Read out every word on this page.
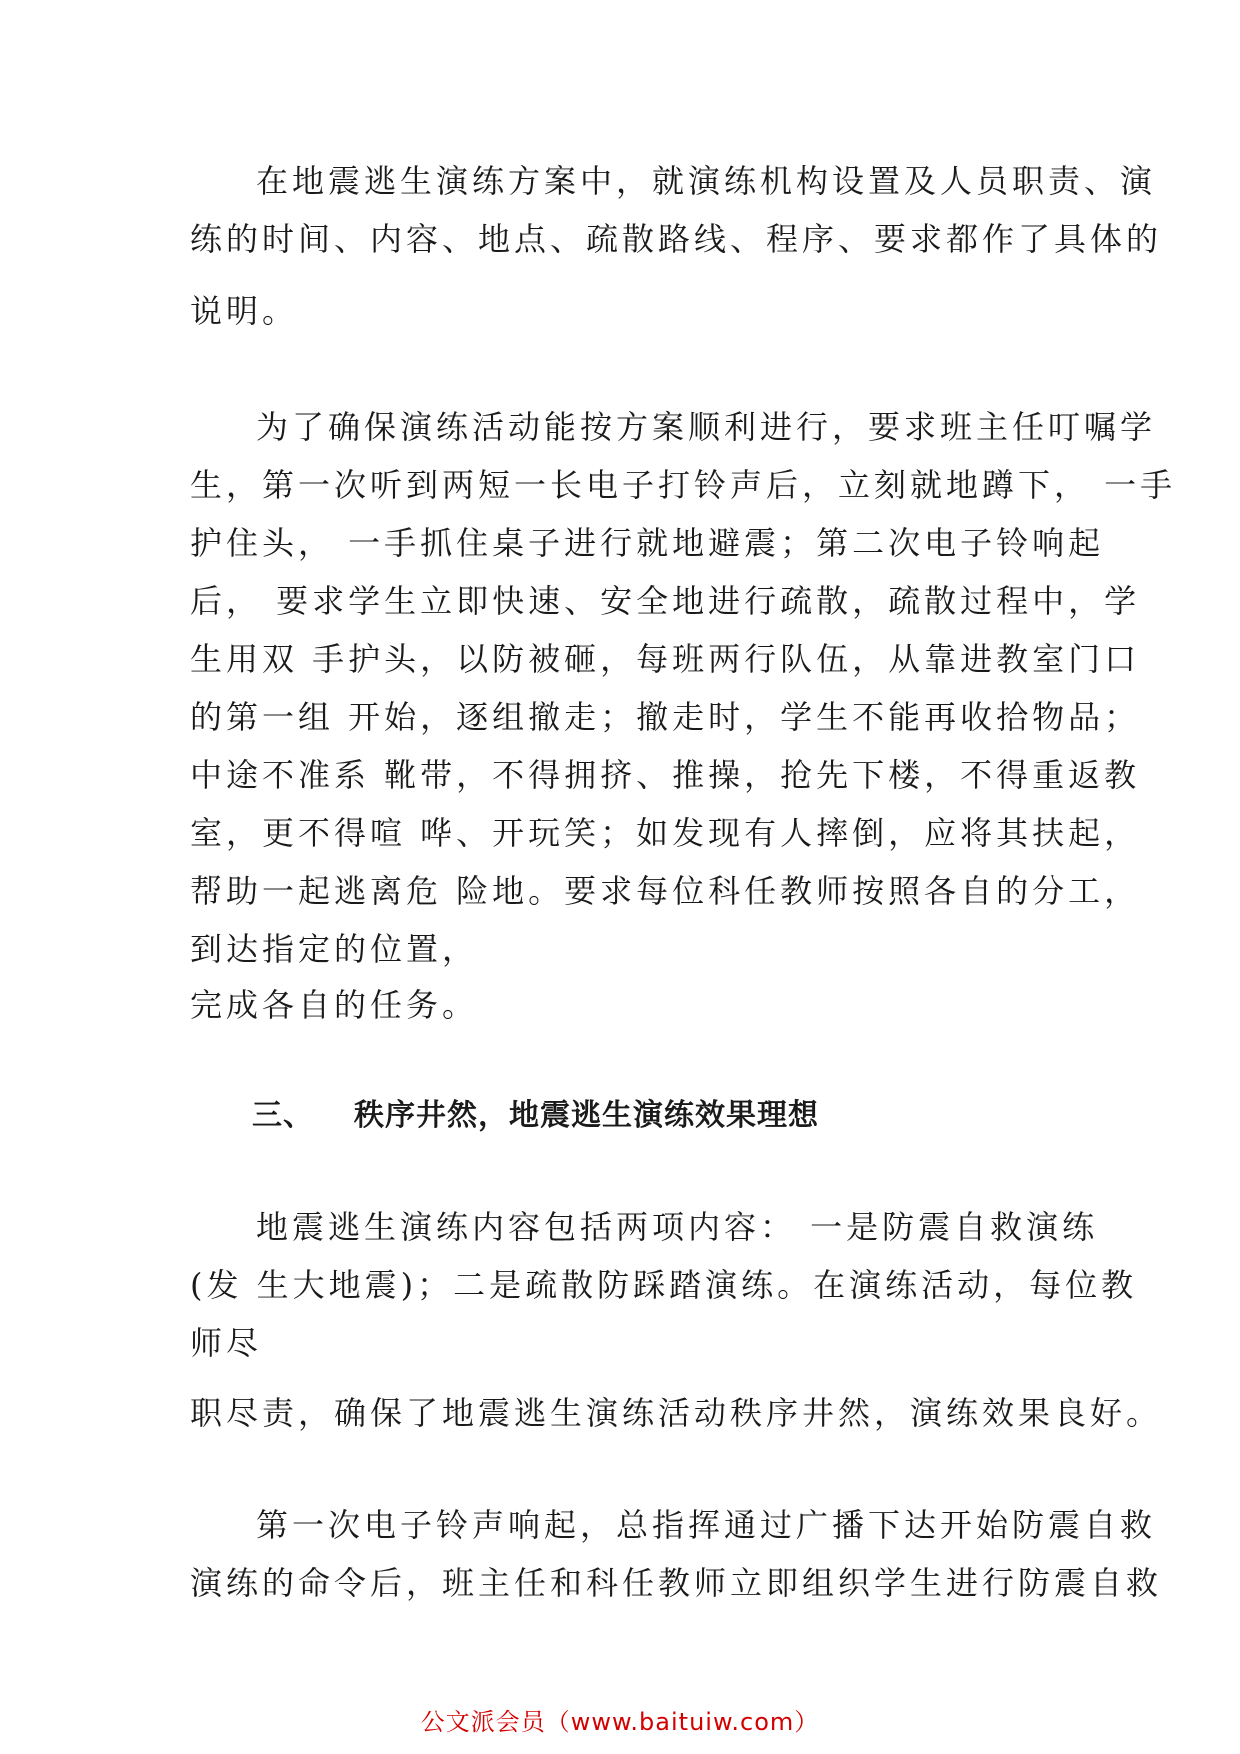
在地震逃生演练方案中，就演练机构设置及人员职责、演
练的时间、内容、地点、疏散路线、程序、要求都作了具体的
说明。
为了确保演练活动能按方案顺利进行，要求班主任叮嘱学
生，第一次听到两短一长电子打铃声后，立刻就地蹲下， 一手
护住头， 一手抓住桌子进行就地避震；第二次电子铃响起
后， 要求学生立即快速、安全地进行疏散，疏散过程中，学
生用双 手护头，以防被砸，每班两行队伍，从靠进教室门口
的第一组 开始，逐组撤走；撤走时，学生不能再收拾物品；
中途不准系 靴带，不得拥挤、推操，抢先下楼，不得重返教
室，更不得喧 哗、开玩笑；如发现有人摔倒，应将其扶起，
帮助一起逃离危 险地。要求每位科任教师按照各自的分工，
到达指定的位置，
完成各自的任务。
三、 秩序井然，地震逃生演练效果理想
地震逃生演练内容包括两项内容： 一是防震自救演练
(发 生大地震)；二是疏散防踩踏演练。在演练活动，每位教
师尽
职尽责，确保了地震逃生演练活动秩序井然，演练效果良好。
第一次电子铃声响起，总指挥通过广播下达开始防震自救
演练的命令后，班主任和科任教师立即组织学生进行防震自救
公文派会员（www.baituiw.com）
